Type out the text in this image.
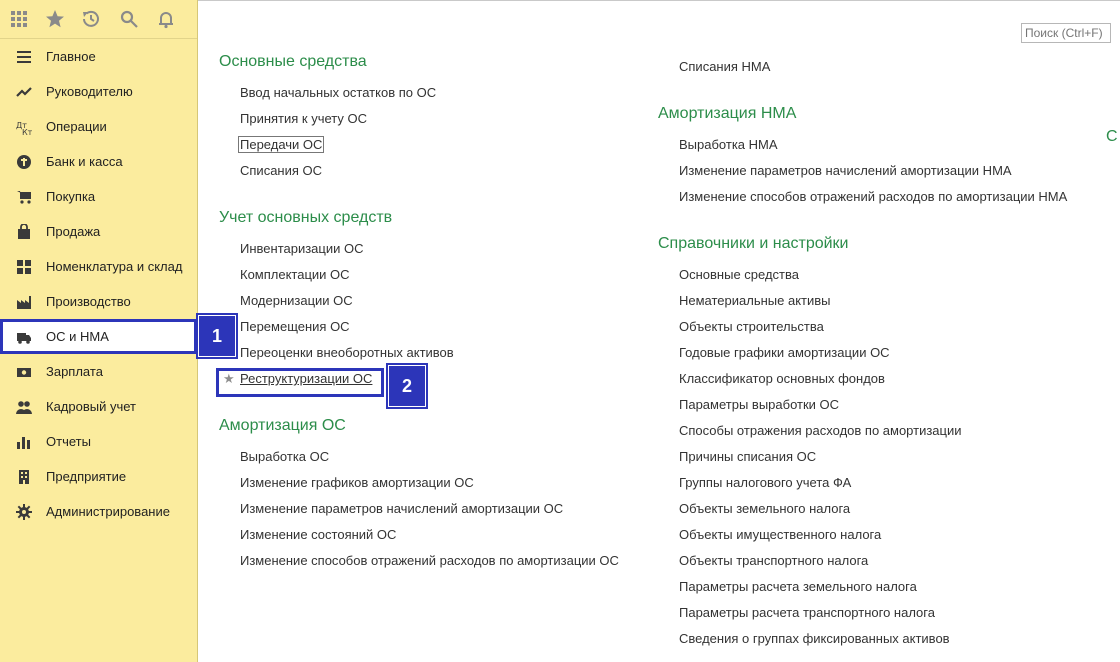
Главное
Руководителю
Дт
Кт Операции
Банк и касса
Покупка
Продажа
Номенклатура и склад
Производство
ОС и НМА
Зарплата
Кадровый учет
Отчеты
Предприятие
Администрирование
1
Поиск (Ctrl+F)
Основные средства
Ввод начальных остатков по ОС
Принятия к учету ОС
Передачи ОС
Списания ОС
Учет основных средств
Инвентаризации ОС
Комплектации ОС
Модернизации ОС
Перемещения ОС
Переоценки внеоборотных активов
★ Реструктуризации ОС	2
Амортизация ОС
Выработка ОС
Изменение графиков амортизации ОС
Изменение параметров начислений амортизации ОС
Изменение состояний ОС
Изменение способов отражений расходов по амортизации ОС
Списания НМА
Амортизация НМА
Выработка НМА
Изменение параметров начислений амортизации НМА
Изменение способов отражений расходов по амортизации НМА
Справочники и настройки
Основные средства
Нематериальные активы
Объекты строительства
Годовые графики амортизации ОС
Классификатор основных фондов
Параметры выработки ОС
Способы отражения расходов по амортизации
Причины списания ОС
Группы налогового учета ФА
Объекты земельного налога
Объекты имущественного налога
Объекты транспортного налога
Параметры расчета земельного налога
Параметры расчета транспортного налога
Сведения о группах фиксированных активов
С
